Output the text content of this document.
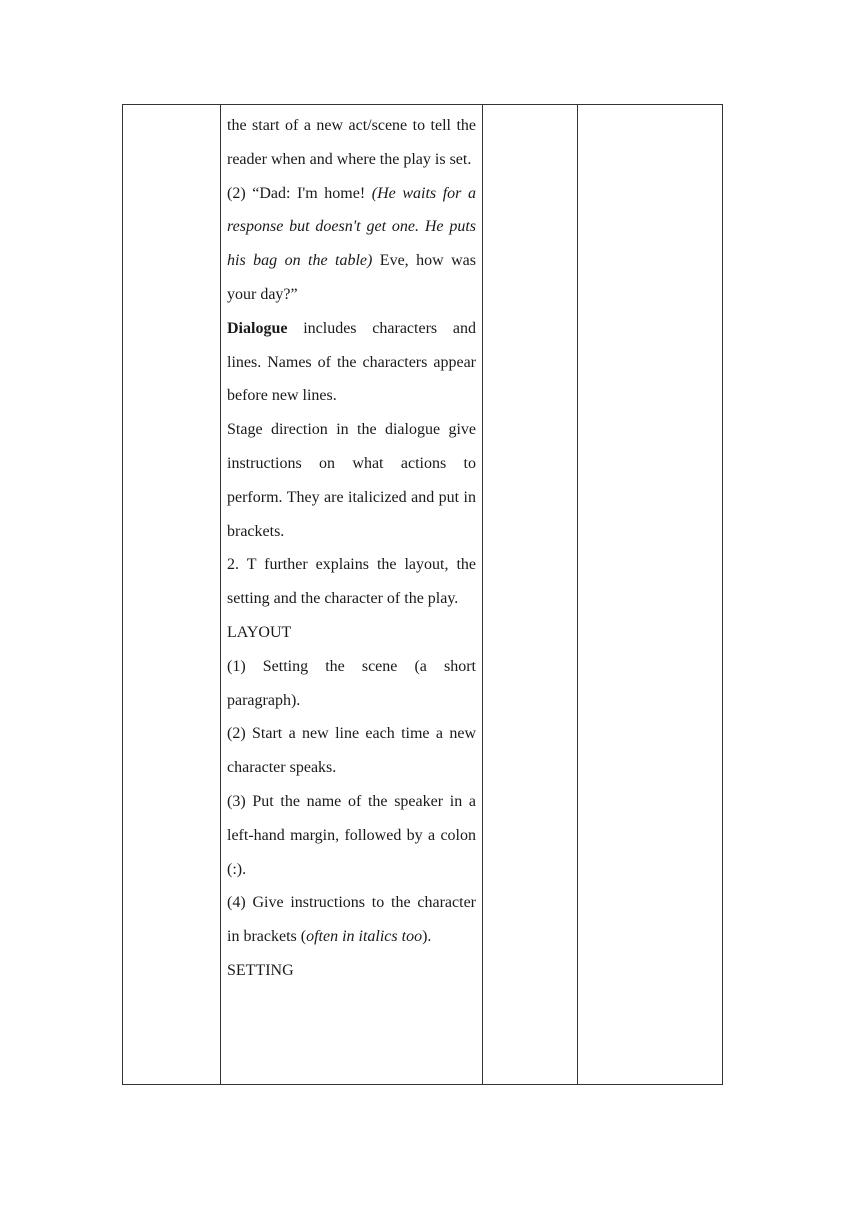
the start of a new act/scene to tell the reader when and where the play is set.

(2) “Dad: I'm home! (He waits for a response but doesn't get one. He puts his bag on the table) Eve, how was your day?”

Dialogue includes characters and lines. Names of the characters appear before new lines.

Stage direction in the dialogue give instructions on what actions to perform. They are italicized and put in brackets.

2. T further explains the layout, the setting and the character of the play.

LAYOUT

(1) Setting the scene (a short paragraph).

(2) Start a new line each time a new character speaks.

(3) Put the name of the speaker in a left-hand margin, followed by a colon (:).

(4) Give instructions to the character in brackets (often in italics too).

SETTING
